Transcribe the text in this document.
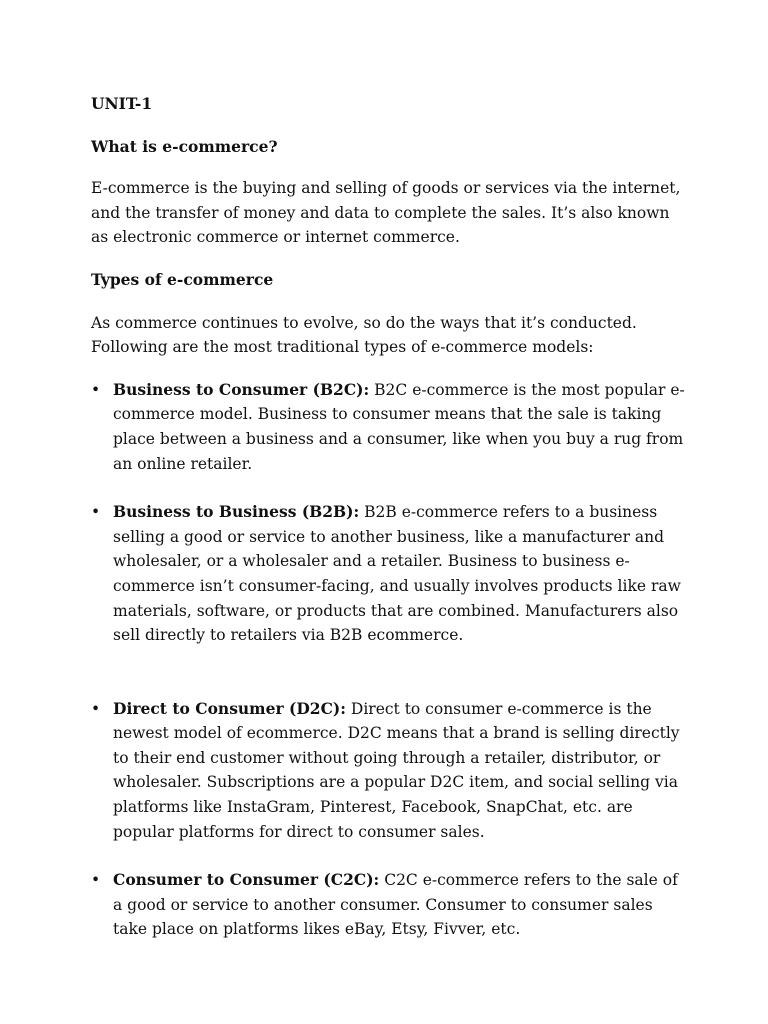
UNIT-1

What is e-commerce?

E-commerce is the buying and selling of goods or services via the internet, and the transfer of money and data to complete the sales. It’s also known as electronic commerce or internet commerce.

Types of e-commerce

As commerce continues to evolve, so do the ways that it’s conducted. Following are the most traditional types of e-commerce models:

• Business to Consumer (B2C): B2C e-commerce is the most popular e-commerce model. Business to consumer means that the sale is taking place between a business and a consumer, like when you buy a rug from an online retailer.
• Business to Business (B2B): B2B e-commerce refers to a business selling a good or service to another business, like a manufacturer and wholesaler, or a wholesaler and a retailer. Business to business e-commerce isn’t consumer-facing, and usually involves products like raw materials, software, or products that are combined. Manufacturers also sell directly to retailers via B2B ecommerce.
• Direct to Consumer (D2C): Direct to consumer e-commerce is the newest model of ecommerce. D2C means that a brand is selling directly to their end customer without going through a retailer, distributor, or wholesaler. Subscriptions are a popular D2C item, and social selling via platforms like InstaGram, Pinterest, Facebook, SnapChat, etc. are popular platforms for direct to consumer sales.
• Consumer to Consumer (C2C): C2C e-commerce refers to the sale of a good or service to another consumer. Consumer to consumer sales take place on platforms likes eBay, Etsy, Fivver, etc.
